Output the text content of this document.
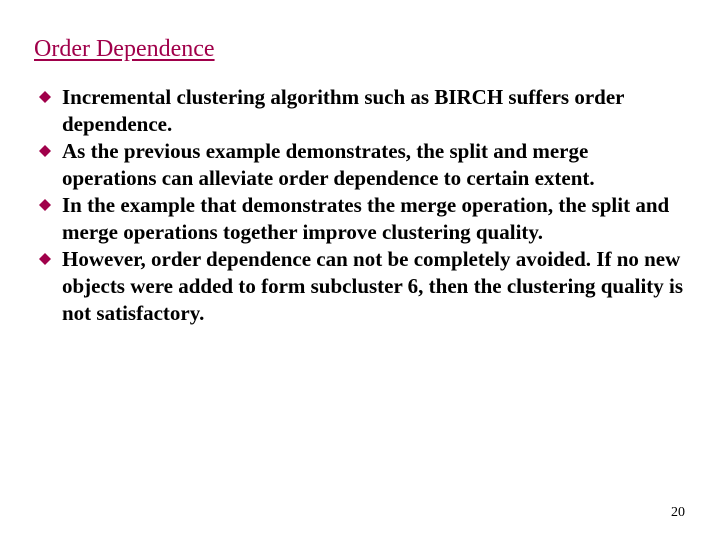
Order Dependence
Incremental clustering algorithm such as BIRCH suffers order dependence.
As the previous example demonstrates, the split and merge operations can alleviate order dependence to certain extent.
In the example that demonstrates the merge operation, the split and merge operations together improve clustering quality.
However, order dependence can not be completely avoided. If no new objects were added to form subcluster 6, then the clustering quality is not satisfactory.
20
